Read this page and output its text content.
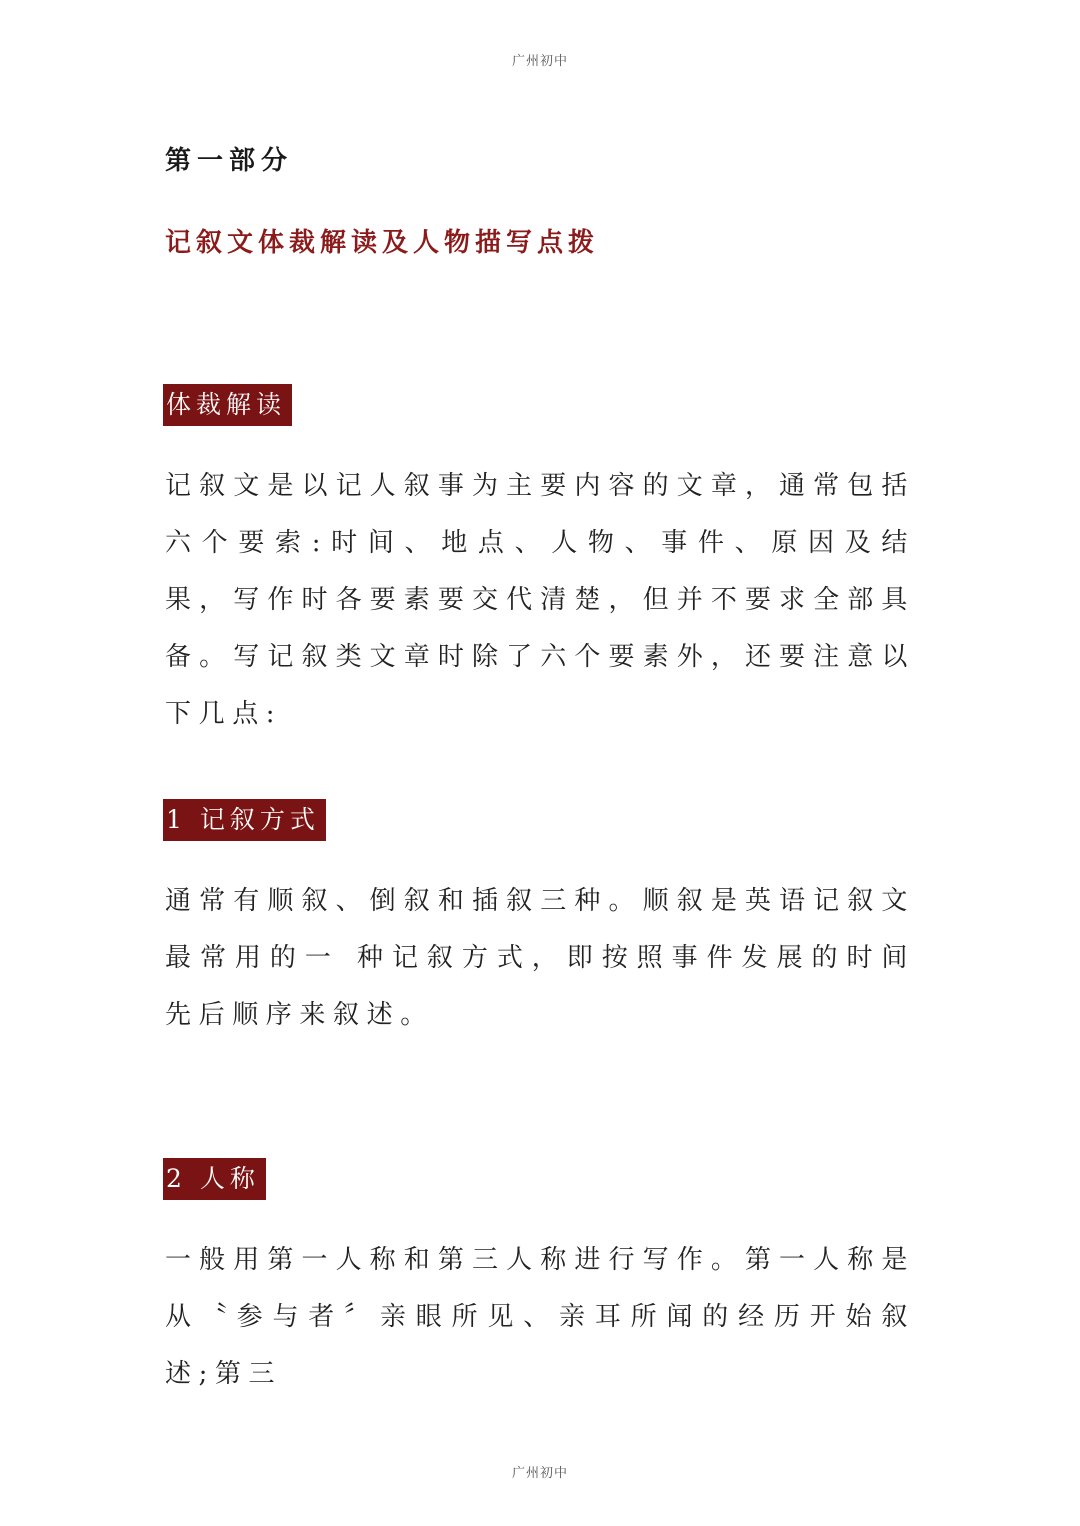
广州初中
第一部分
记叙文体裁解读及人物描写点拨
体裁解读

记叙文是以记人叙事为主要内容的文章，通常包括六个要索:时间、地点、人物、事件、原因及结果，写作时各要素要交代清楚，但并不要求全部具备。写记叙类文章时除了六个要素外，还要注意以下几点:

1 记叙方式

通常有顺叙、倒叙和插叙三种。顺叙是英语记叙文最常用的一 种记叙方式，即按照事件发展的时间先后顺序来叙述。

2 人称

一般用第一人称和第三人称进行写作。第一人称是从〝参与者〞亲眼所见、亲耳所闻的经历开始叙述;第三

广州初中
